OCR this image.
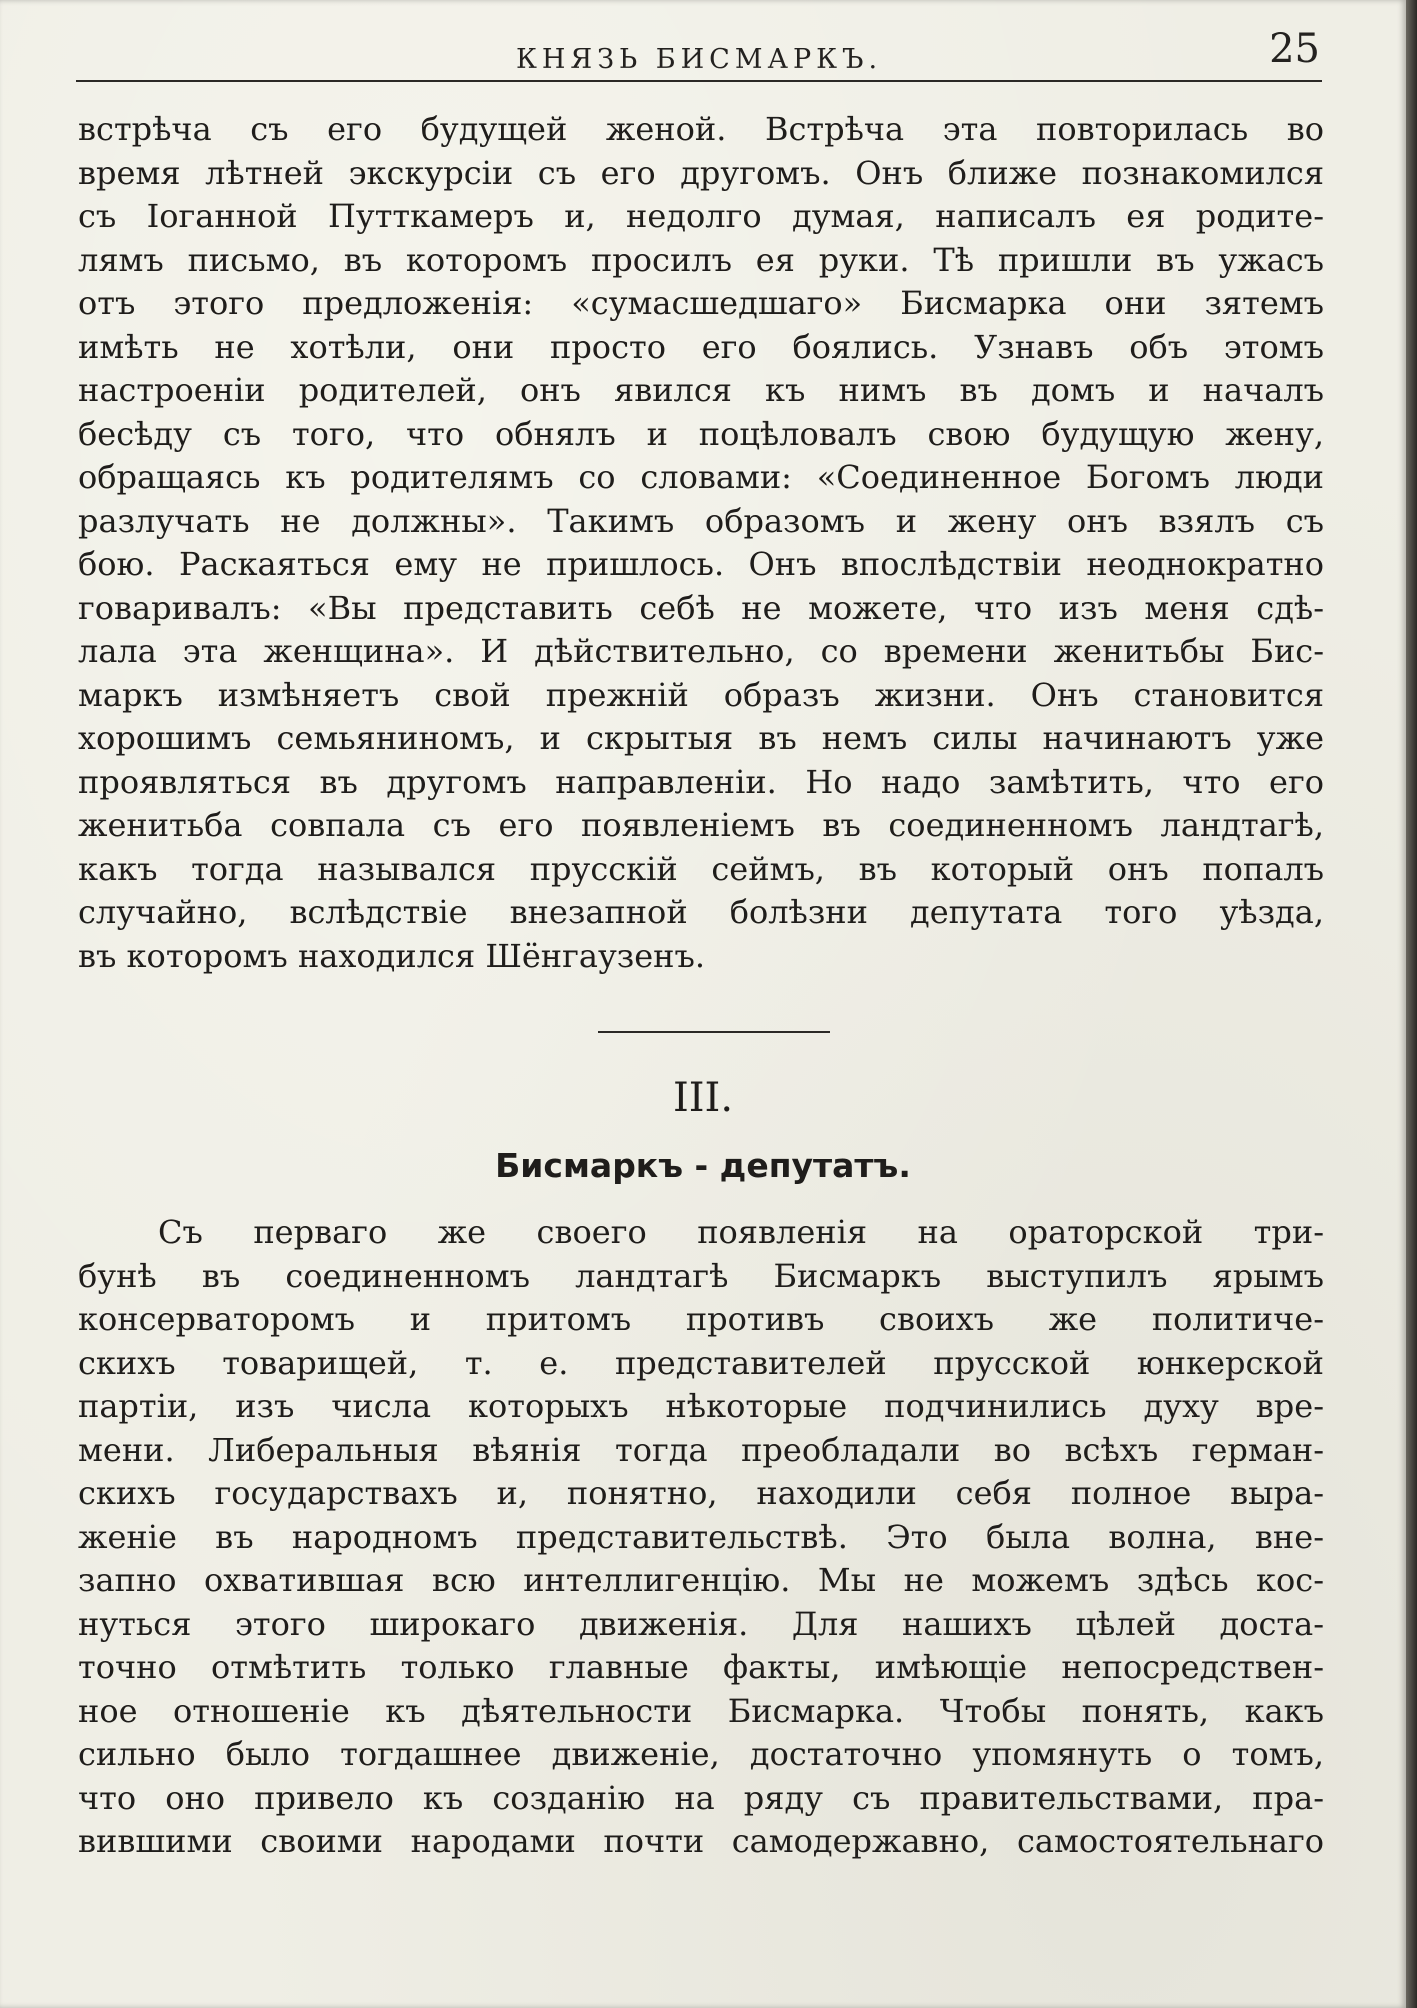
КНЯЗЬ БИСМАРКЪ.	25
встрѣча съ его будущей женой. Встрѣча эта повторилась во
время лѣтней экскурсіи съ его другомъ. Онъ ближе познакомился
съ Іоганной Путткамеръ и, недолго думая, написалъ ея родите-
лямъ письмо, въ которомъ просилъ ея руки. Тѣ пришли въ ужасъ
отъ этого предложенія: «сумасшедшаго» Бисмарка они зятемъ
имѣть не хотѣли, они просто его боялись. Узнавъ объ этомъ
настроеніи родителей, онъ явился къ нимъ въ домъ и началъ
бесѣду съ того, что обнялъ и поцѣловалъ свою будущую жену,
обращаясь къ родителямъ со словами: «Соединенное Богомъ люди
разлучать не должны». Такимъ образомъ и жену онъ взялъ съ
бою. Раскаяться ему не пришлось. Онъ впослѣдствіи неоднократно
говаривалъ: «Вы представить себѣ не можете, что изъ меня сдѣ-
лала эта женщина». И дѣйствительно, со времени женитьбы Бис-
маркъ измѣняетъ свой прежній образъ жизни. Онъ становится
хорошимъ семьяниномъ, и скрытыя въ немъ силы начинаютъ уже
проявляться въ другомъ направленіи. Но надо замѣтить, что его
женитьба совпала съ его появленіемъ въ соединенномъ ландтагѣ,
какъ тогда назывался прусскій сеймъ, въ который онъ попалъ
случайно, вслѣдствіе внезапной болѣзни депутата того уѣзда,
въ которомъ находился Шёнгаузенъ.
III.
Бисмаркъ - депутатъ.
Съ перваго же своего появленія на ораторской три-
бунѣ въ соединенномъ ландтагѣ Бисмаркъ выступилъ ярымъ
консерваторомъ и притомъ противъ своихъ же политиче-
скихъ товарищей, т. е. представителей прусской юнкерской
партіи, изъ числа которыхъ нѣкоторые подчинились духу вре-
мени. Либеральныя вѣянія тогда преобладали во всѣхъ герман-
скихъ государствахъ и, понятно, находили себя полное выра-
женіе въ народномъ представительствѣ. Это была волна, вне-
запно охватившая всю интеллигенцію. Мы не можемъ здѣсь кос-
нуться этого широкаго движенія. Для нашихъ цѣлей доста-
точно отмѣтить только главные факты, имѣющіе непосредствен-
ное отношеніе къ дѣятельности Бисмарка. Чтобы понять, какъ
сильно было тогдашнее движеніе, достаточно упомянуть о томъ,
что оно привело къ созданію на ряду съ правительствами, пра-
вившими своими народами почти самодержавно, самостоятельнаго
